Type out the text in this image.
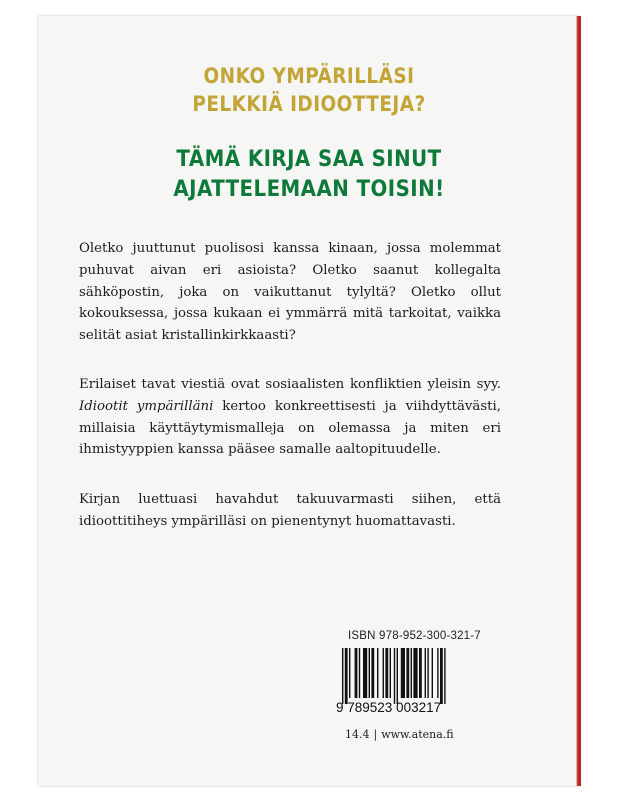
ONKO YMPÄRILLÄSI
PELKKIÄ IDIOOTTEJA?
TÄMÄ KIRJA SAA SINUT
AJATTELEMAAN TOISIN!

Oletko juuttunut puolisosi kanssa kinaan, jossa molemmat puhuvat aivan eri asioista? Oletko saanut kollegalta sähköpostin, joka on vaikuttanut tylyltä? Oletko ollut kokouksessa, jossa kukaan ei ymmärrä mitä tarkoitat, vaikka selität asiat kristallinkirkkaasti?

Erilaiset tavat viestiä ovat sosiaalisten konfliktien yleisin syy. Idiootit ympärilläni kertoo konkreettisesti ja viihdyttävästi, millaisia käyttäytymismalleja on olemassa ja miten eri ihmistyyppien kanssa pääsee samalle aaltopituudelle.

Kirjan luettuasi havahdut takuuvarmasti siihen, että idioottitiheys ympärilläsi on pienentynyt huomattavasti.

ISBN 978-952-300-321-7

9 789523 003217

14.4 | www.atena.fi
